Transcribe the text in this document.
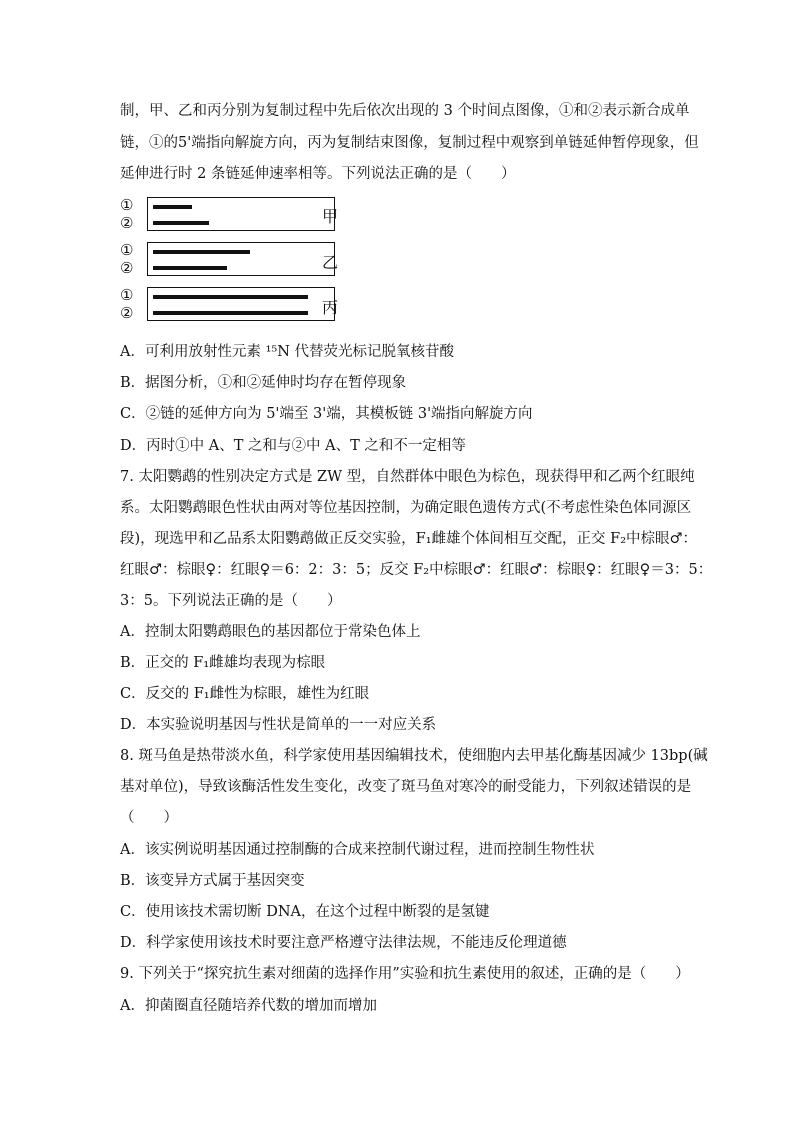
制，甲、乙和丙分别为复制过程中先后依次出现的 3 个时间点图像，①和②表示新合成单
链，①的5'端指向解旋方向，丙为复制结束图像，复制过程中观察到单链延伸暂停现象，但
延伸进行时 2 条链延伸速率相等。下列说法正确的是（　　）
①
②	甲
①
②	乙
①
②	丙
A．可利用放射性元素 ¹⁵N 代替荧光标记脱氧核苷酸
B．据图分析，①和②延伸时均存在暂停现象
C．②链的延伸方向为 5'端至 3'端，其模板链 3'端指向解旋方向
D．丙时①中 A、T 之和与②中 A、T 之和不一定相等
7. 太阳鹦鹉的性别决定方式是 ZW 型，自然群体中眼色为棕色，现获得甲和乙两个红眼纯
系。太阳鹦鹉眼色性状由两对等位基因控制，为确定眼色遗传方式(不考虑性染色体同源区
段)，现选甲和乙品系太阳鹦鹉做正反交实验，F₁雌雄个体间相互交配，正交 F₂中棕眼♂：
红眼♂：棕眼♀：红眼♀＝6：2：3：5；反交 F₂中棕眼♂：红眼♂：棕眼♀：红眼♀＝3：5：
3：5。下列说法正确的是（　　）
A．控制太阳鹦鹉眼色的基因都位于常染色体上
B．正交的 F₁雌雄均表现为棕眼
C．反交的 F₁雌性为棕眼，雄性为红眼
D．本实验说明基因与性状是简单的一一对应关系
8. 斑马鱼是热带淡水鱼，科学家使用基因编辑技术，使细胞内去甲基化酶基因减少 13bp(碱
基对单位)，导致该酶活性发生变化，改变了斑马鱼对寒冷的耐受能力，下列叙述错误的是
（　　）
A．该实例说明基因通过控制酶的合成来控制代谢过程，进而控制生物性状
B．该变异方式属于基因突变
C．使用该技术需切断 DNA，在这个过程中断裂的是氢键
D．科学家使用该技术时要注意严格遵守法律法规，不能违反伦理道德
9. 下列关于“探究抗生素对细菌的选择作用”实验和抗生素使用的叙述，正确的是（　　）
A．抑菌圈直径随培养代数的增加而增加
